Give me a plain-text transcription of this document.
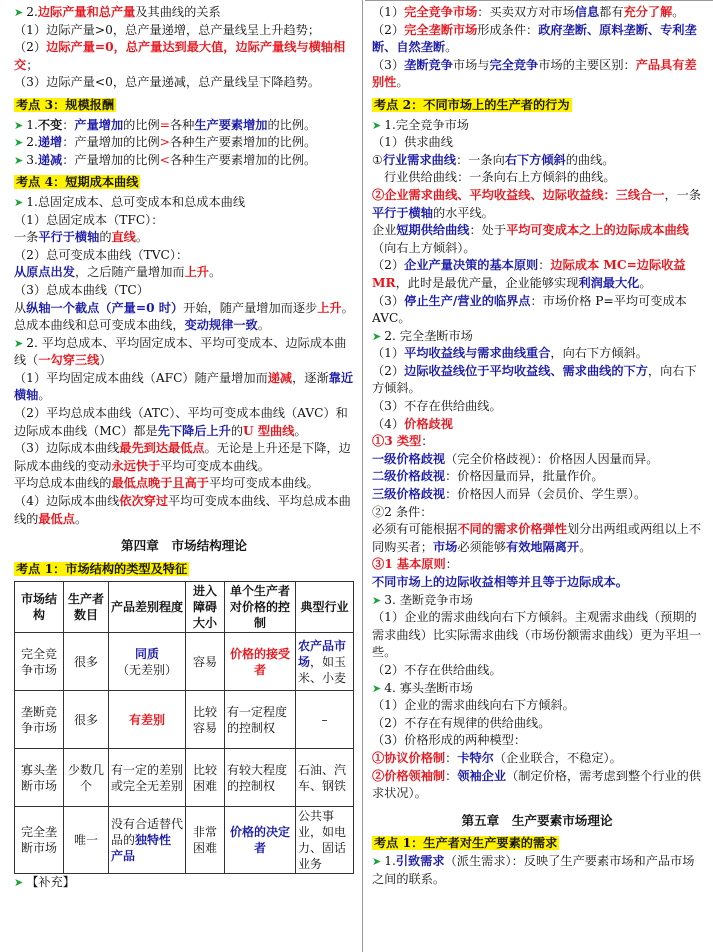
➤ 2.边际产量和总产量及其曲线的关系

（1）边际产量>0，总产量递增，总产量线呈上升趋势；

（2）边际产量=0，总产量达到最大值，边际产量线与横轴相交；

（3）边际产量<0，总产量递减，总产量线呈下降趋势。

考点 3：规模报酬

➤ 1.不变：产量增加的比例=各种生产要素增加的比例。

➤ 2.递增：产量增加的比例>各种生产要素增加的比例。

➤ 3.递减：产量增加的比例<各种生产要素增加的比例。

考点 4：短期成本曲线

➤ 1.总固定成本、总可变成本和总成本曲线

（1）总固定成本（TFC）：

一条平行于横轴的直线。

（2）总可变成本曲线（TVC）：

从原点出发，之后随产量增加而上升。

（3）总成本曲线（TC）

从纵轴一个截点（产量=0 时）开始，随产量增加而逐步上升。

总成本曲线和总可变成本曲线，变动规律一致。

➤ 2. 平均总成本、平均固定成本、平均可变成本、边际成本曲线（一勾穿三线）

（1）平均固定成本曲线（AFC）随产量增加而递减，逐渐靠近横轴。

（2）平均总成本曲线（ATC）、平均可变成本曲线（AVC）和边际成本曲线（MC）都是先下降后上升的U 型曲线。

（3）边际成本曲线最先到达最低点。无论是上升还是下降，边际成本曲线的变动永远快于平均可变成本曲线。

平均总成本曲线的最低点晚于且高于平均可变成本曲线。

（4）边际成本曲线依次穿过平均可变成本曲线、平均总成本曲线的最低点。

第四章　市场结构理论

考点 1：市场结构的类型及特征

市场结构	生产者数目	产品差别程度	进入障碍大小	单个生产者对价格的控制	典型行业
完全竞争市场	很多	同质
（无差别）	容易	价格的接受者	农产品市场，如玉米、小麦
垄断竞争市场	很多	有差别	比较容易	有一定程度的控制权	–
寡头垄断市场	少数几个	有一定的差别或完全无差别	比较困难	有较大程度的控制权	石油、汽车、钢铁
完全垄断市场	唯一	没有合适替代品的独特性产品	非常困难	价格的决定者	公共事业，如电力、固话业务

➤ 【补充】

（1）完全竞争市场：买卖双方对市场信息都有充分了解。

（2）完全垄断市场形成条件：政府垄断、原料垄断、专利垄断、自然垄断。

（3）垄断竞争市场与完全竞争市场的主要区别：产品具有差别性。

考点 2：不同市场上的生产者的行为

➤ 1.完全竞争市场

（1）供求曲线

①行业需求曲线：一条向右下方倾斜的曲线。

行业供给曲线：一条向右上方倾斜的曲线。

②企业需求曲线、平均收益线、边际收益线：三线合一，一条平行于横轴的水平线。

企业短期供给曲线：处于平均可变成本之上的边际成本曲线（向右上方倾斜）。

（2）企业产量决策的基本原则：边际成本 MC=边际收益 MR，此时是最优产量，企业能够实现利润最大化。

（3）停止生产/营业的临界点：市场价格 P=平均可变成本 AVC。

➤ 2. 完全垄断市场

（1）平均收益线与需求曲线重合，向右下方倾斜。

（2）边际收益线位于平均收益线、需求曲线的下方，向右下方倾斜。

（3）不存在供给曲线。

（4）价格歧视

①3 类型：

一级价格歧视（完全价格歧视）：价格因人因量而异。

二级价格歧视：价格因量而异，批量作价。

三级价格歧视：价格因人而异（会员价、学生票）。

②2 条件：

必须有可能根据不同的需求价格弹性划分出两组或两组以上不同购买者；市场必须能够有效地隔离开。

③1 基本原则：

不同市场上的边际收益相等并且等于边际成本。

➤ 3. 垄断竞争市场

（1）企业的需求曲线向右下方倾斜。主观需求曲线（预期的需求曲线）比实际需求曲线（市场份额需求曲线）更为平坦一些。

（2）不存在供给曲线。

➤ 4. 寡头垄断市场

（1）企业的需求曲线向右下方倾斜。

（2）不存在有规律的供给曲线。

（3）价格形成的两种模型：

①协议价格制：卡特尔（企业联合，不稳定）。

②价格领袖制：领袖企业（制定价格，需考虑到整个行业的供求状况）。

第五章　生产要素市场理论

考点 1：生产者对生产要素的需求

➤ 1.引致需求（派生需求）：反映了生产要素市场和产品市场之间的联系。
